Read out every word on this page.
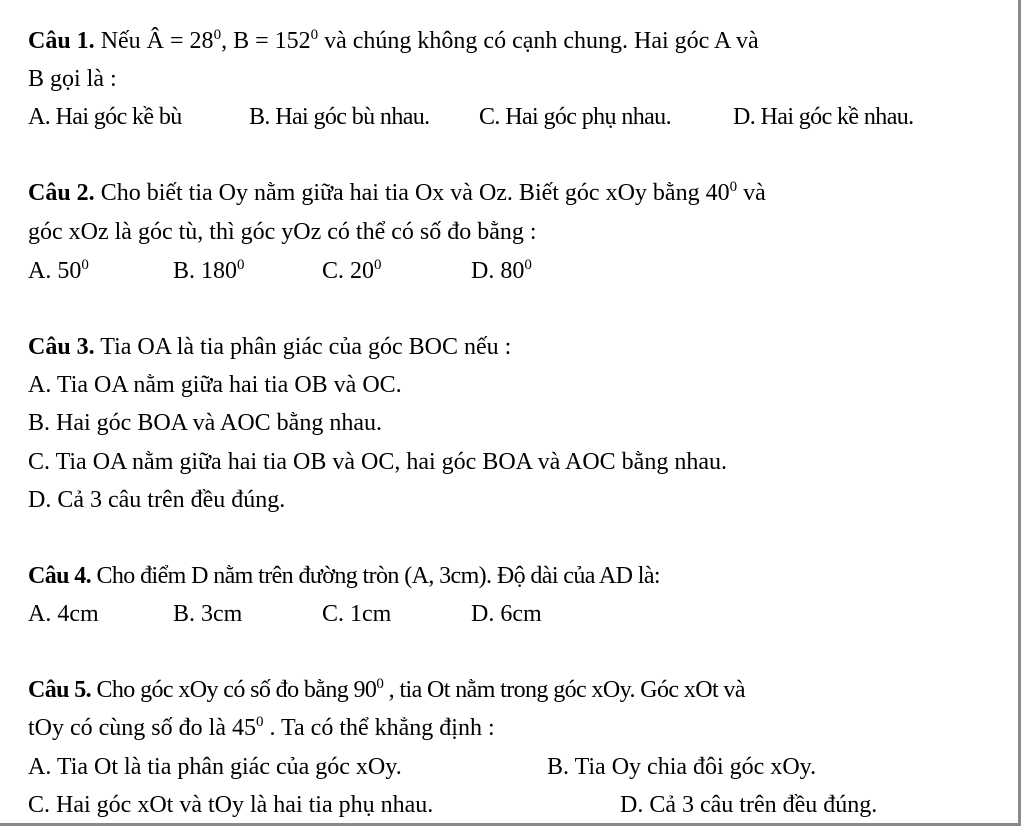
Câu 1. Nếu Â = $28^0$, $B = 152^0$ và chúng không có cạnh chung. Hai góc A và
B gọi là :
A. Hai góc kề bù	B. Hai góc bù nhau. C. Hai góc phụ nhau.	D. Hai góc kề nhau.
Câu 2. Cho biết tia Oy nằm giữa hai tia Ox và Oz. Biết góc xOy bằng $40^0$ và
góc xOz là góc tù, thì góc yOz có thể có số đo bằng :
A. $50^0$	B. $180^0$	C. $20^0$	D. $80^0$
Câu 3. Tia OA là tia phân giác của góc BOC nếu :
A. Tia OA nằm giữa hai tia OB và OC.
B. Hai góc BOA và AOC bằng nhau.
C. Tia OA nằm giữa hai tia OB và OC, hai góc BOA và AOC bằng nhau.
D. Cả 3 câu trên đều đúng.
Câu 4. Cho điểm D nằm trên đường tròn (A, 3cm). Độ dài của AD là:
A. 4cm	B. 3cm	C. 1cm	D. 6cm
Câu 5. Cho góc xOy có số đo bằng $90^0$ , tia Ot nằm trong góc xOy. Góc xOt và
tOy có cùng số đo là $45^0$ . Ta có thể khẳng định :
A. Tia Ot là tia phân giác của góc xOy.	B. Tia Oy chia đôi góc xOy.
C. Hai góc xOt và tOy là hai tia phụ nhau.	D. Cả 3 câu trên đều đúng.
